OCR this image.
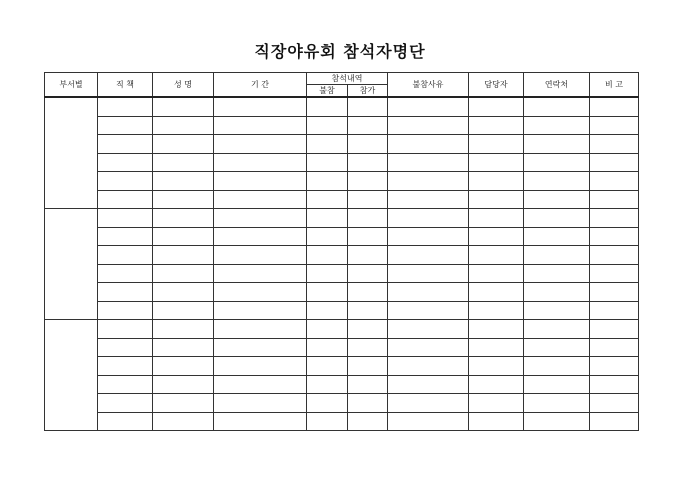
직장야유회 참석자명단
부서별	직 책	성 명	기 간	참석내역		불참사유	담당자	연락처	비 고
				불참	참가				
